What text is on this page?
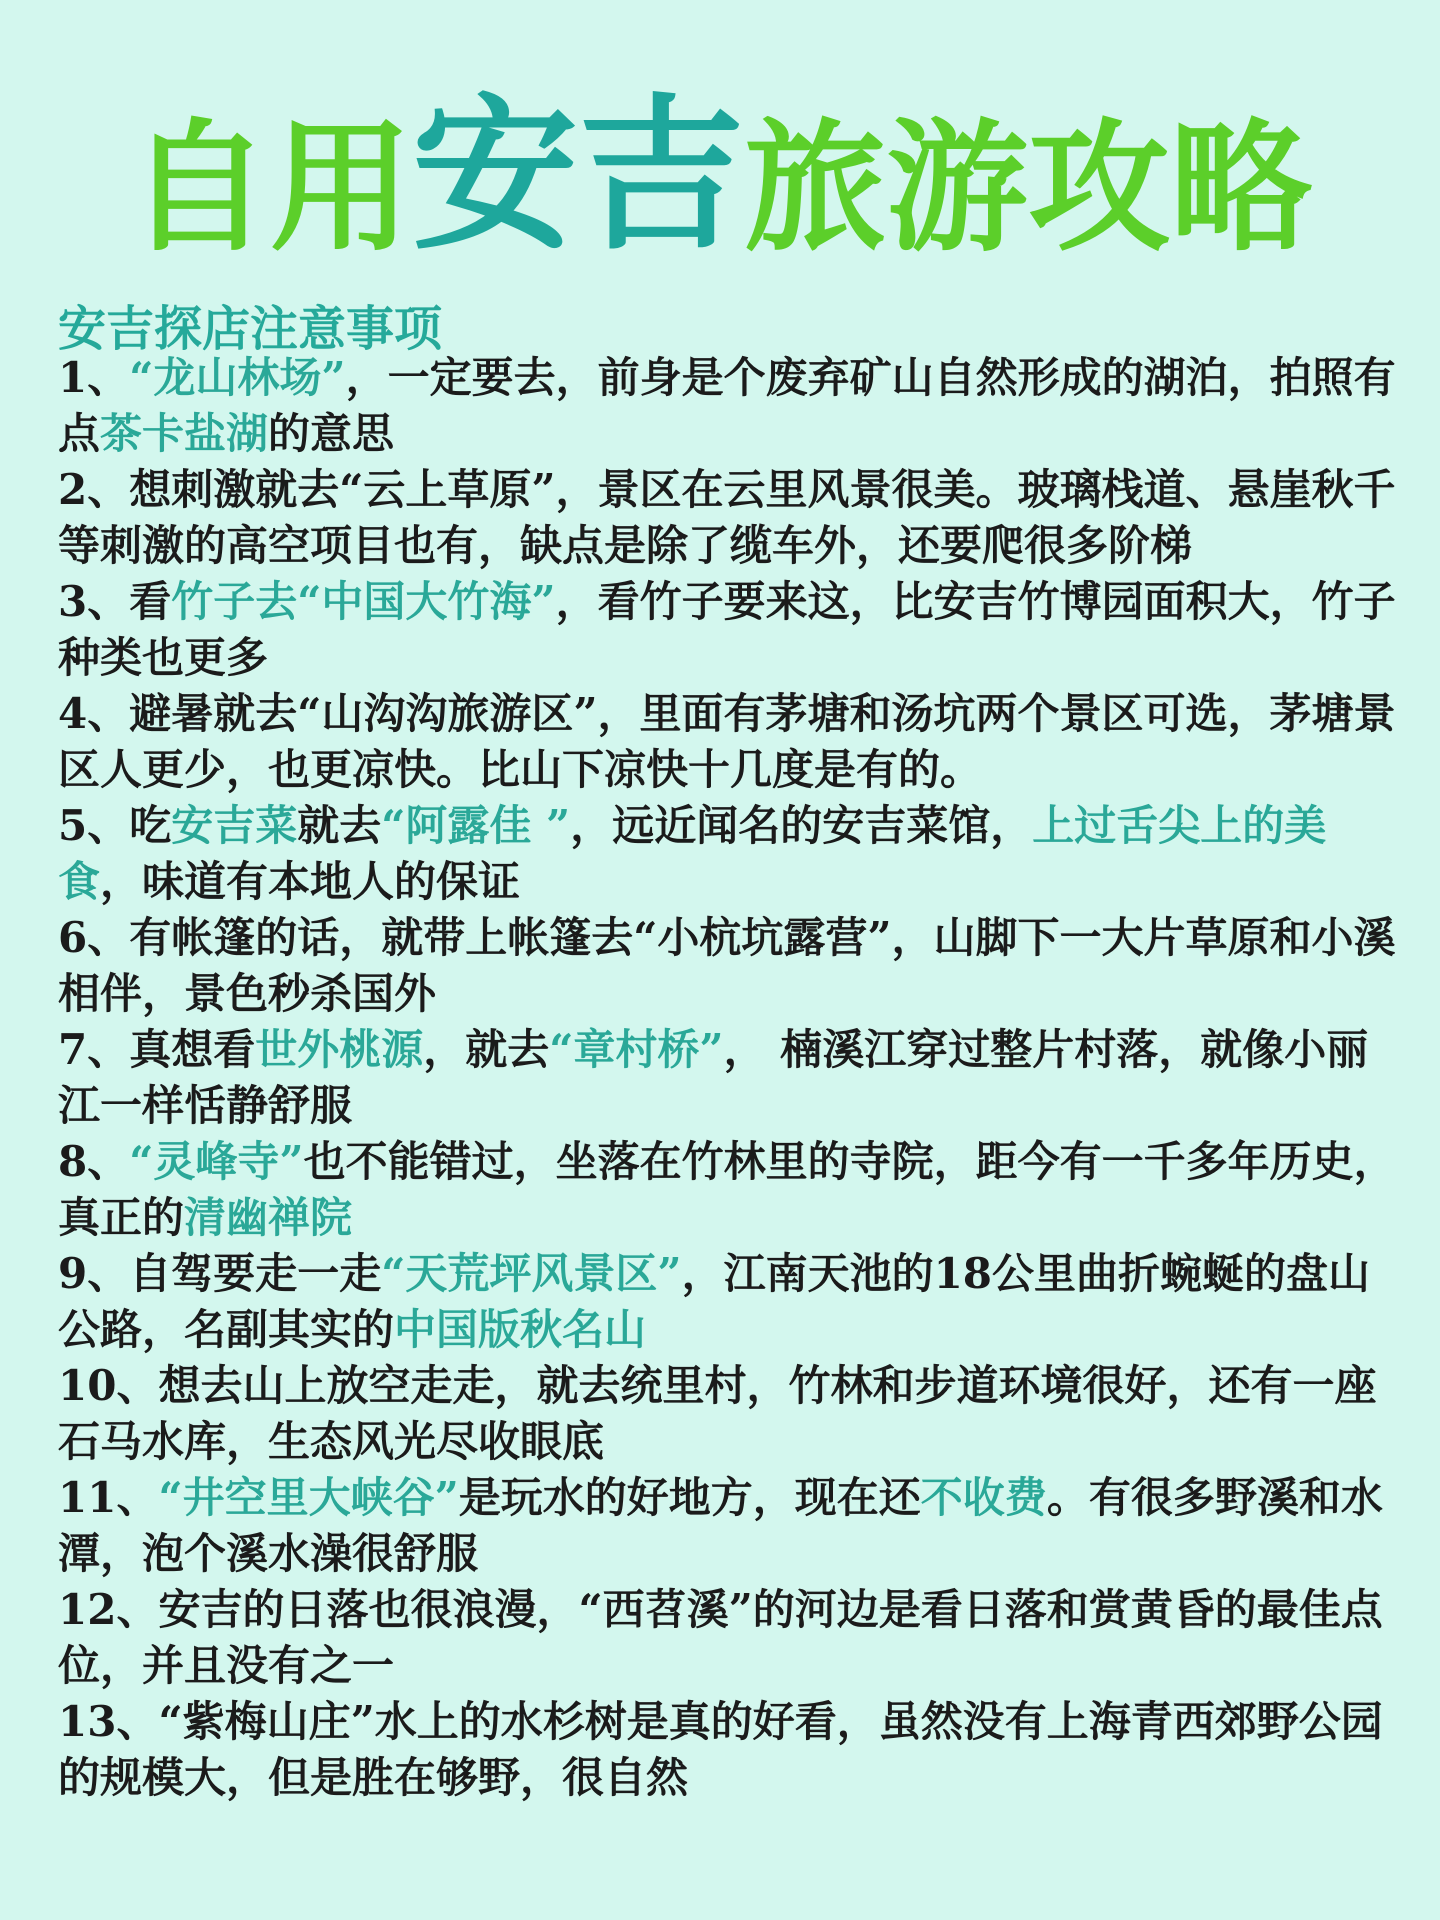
自用 安吉 旅游攻略
安吉探店注意事项
1、“龙山林场”，一定要去，前身是个废弃矿山自然形成的湖泊，拍照有点茶卡盐湖的意思
2、想刺激就去“云上草原”，景区在云里风景很美。玻璃栈道、悬崖秋千等刺激的高空项目也有，缺点是除了缆车外，还要爬很多阶梯
3、看竹子去“中国大竹海”，看竹子要来这，比安吉竹博园面积大，竹子种类也更多
4、避暑就去“山沟沟旅游区”，里面有茅塘和汤坑两个景区可选，茅塘景区人更少，也更凉快。比山下凉快十几度是有的。
5、吃安吉菜就去“阿露佳 ”，远近闻名的安吉菜馆，上过舌尖上的美食，味道有本地人的保证
6、有帐篷的话，就带上帐篷去“小杭坑露营”，山脚下一大片草原和小溪相伴，景色秒杀国外
7、真想看世外桃源，就去“章村桥”， 楠溪江穿过整片村落，就像小丽江一样恬静舒服
8、“灵峰寺”也不能错过，坐落在竹林里的寺院，距今有一千多年历史，真正的清幽禅院
9、自驾要走一走“天荒坪风景区”，江南天池的18公里曲折蜿蜒的盘山公路，名副其实的中国版秋名山
10、想去山上放空走走，就去统里村，竹林和步道环境很好，还有一座石马水库，生态风光尽收眼底
11、“井空里大峡谷”是玩水的好地方，现在还不收费。有很多野溪和水潭，泡个溪水澡很舒服
12、安吉的日落也很浪漫，“西苕溪”的河边是看日落和赏黄昏的最佳点位，并且没有之一
13、“紫梅山庄”水上的水杉树是真的好看，虽然没有上海青西郊野公园的规模大，但是胜在够野，很自然
